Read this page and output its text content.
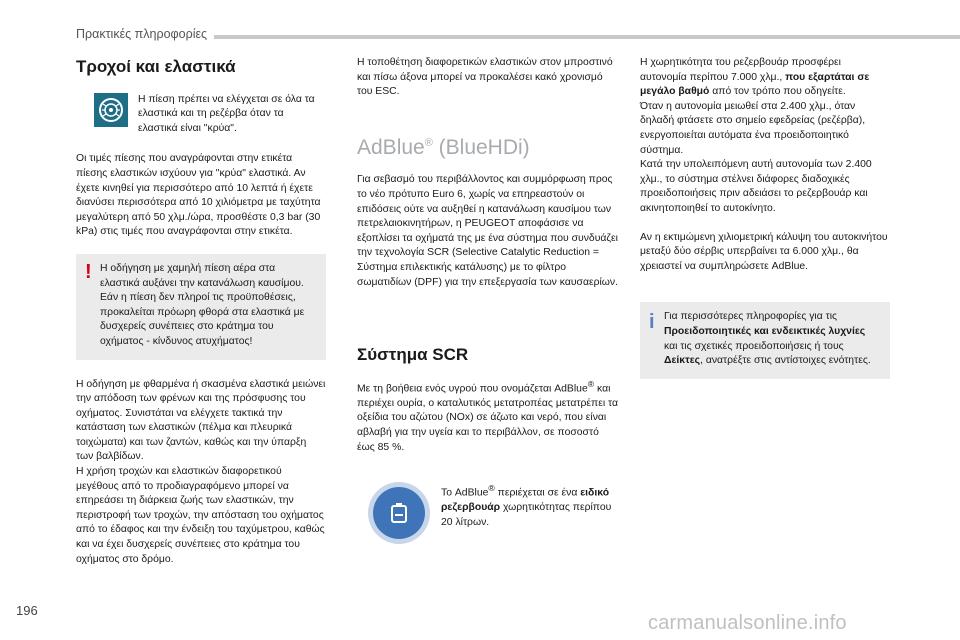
Πρακτικές πληροφορίες
Τροχοί και ελαστικά

Η πίεση πρέπει να ελέγχεται σε όλα τα ελαστικά και τη ρεζέρβα όταν τα ελαστικά είναι "κρύα".

Οι τιμές πίεσης που αναγράφονται στην ετικέτα πίεσης ελαστικών ισχύουν για "κρύα" ελαστικά. Αν έχετε κινηθεί για περισσότερο από 10 λεπτά ή έχετε διανύσει περισσότερα από 10 χιλιόμετρα με ταχύτητα μεγαλύτερη από 50 χλμ./ώρα, προσθέστε 0,3 bar (30 kPa) στις τιμές που αναγράφονται στην ετικέτα.

! Η οδήγηση με χαμηλή πίεση αέρα στα ελαστικά αυξάνει την κατανάλωση καυσίμου. Εάν η πίεση δεν πληροί τις προϋποθέσεις, προκαλείται πρόωρη φθορά στα ελαστικά με δυσχερείς συνέπειες στο κράτημα του οχήματος - κίνδυνος ατυχήματος!

Η οδήγηση με φθαρμένα ή σκασμένα ελαστικά μειώνει την απόδοση των φρένων και της πρόσφυσης του οχήματος. Συνιστάται να ελέγχετε τακτικά την κατάσταση των ελαστικών (πέλμα και πλευρικά τοιχώματα) και των ζαντών, καθώς και την ύπαρξη των βαλβίδων.

Η χρήση τροχών και ελαστικών διαφορετικού μεγέθους από το προδιαγραφόμενο μπορεί να επηρεάσει τη διάρκεια ζωής των ελαστικών, την περιστροφή των τροχών, την απόσταση του οχήματος από το έδαφος και την ένδειξη του ταχύμετρου, καθώς και να έχει δυσχερείς συνέπειες στο κράτημα του οχήματος στο δρόμο.

Η τοποθέτηση διαφορετικών ελαστικών στον μπροστινό και πίσω άξονα μπορεί να προκαλέσει κακό χρονισμό του ESC.

AdBlue® (BlueHDi)

Για σεβασμό του περιβάλλοντος και συμμόρφωση προς το νέο πρότυπο Euro 6, χωρίς να επηρεαστούν οι επιδόσεις ούτε να αυξηθεί η κατανάλωση καυσίμου των πετρελαιοκινητήρων, η PEUGEOT αποφάσισε να εξοπλίσει τα οχήματά της με ένα σύστημα που συνδυάζει την τεχνολογία SCR (Selective Catalytic Reduction = Σύστημα επιλεκτικής κατάλυσης) με το φίλτρο σωματιδίων (DPF) για την επεξεργασία των καυσαερίων.

Σύστημα SCR

Με τη βοήθεια ενός υγρού που ονομάζεται AdBlue® και περιέχει ουρία, ο καταλυτικός μετατροπέας μετατρέπει τα οξείδια του αζώτου (NOx) σε άζωτο και νερό, που είναι αβλαβή για την υγεία και το περιβάλλον, σε ποσοστό έως 85 %.

Το AdBlue® περιέχεται σε ένα ειδικό ρεζερβουάρ χωρητικότητας περίπου 20 λίτρων.

Η χωρητικότητα του ρεζερβουάρ προσφέρει αυτονομία περίπου 7.000 χλμ., που εξαρτάται σε μεγάλο βαθμό από τον τρόπο που οδηγείτε.

Όταν η αυτονομία μειωθεί στα 2.400 χλμ., όταν δηλαδή φτάσετε στο σημείο εφεδρείας (ρεζέρβα), ενεργοποιείται αυτόματα ένα προειδοποιητικό σύστημα.

Κατά την υπολειπόμενη αυτή αυτονομία των 2.400 χλμ., το σύστημα στέλνει διάφορες διαδοχικές προειδοποιήσεις πριν αδειάσει το ρεζερβουάρ και ακινητοποιηθεί το αυτοκίνητο.

Αν η εκτιμώμενη χιλιομετρική κάλυψη του αυτοκινήτου μεταξύ δύο σέρβις υπερβαίνει τα 6.000 χλμ., θα χρειαστεί να συμπληρώσετε AdBlue.

i Για περισσότερες πληροφορίες για τις Προειδοποιητικές και ενδεικτικές λυχνίες και τις σχετικές προειδοποιήσεις ή τους Δείκτες, ανατρέξτε στις αντίστοιχες ενότητες.

196
carmanualsonline.info
